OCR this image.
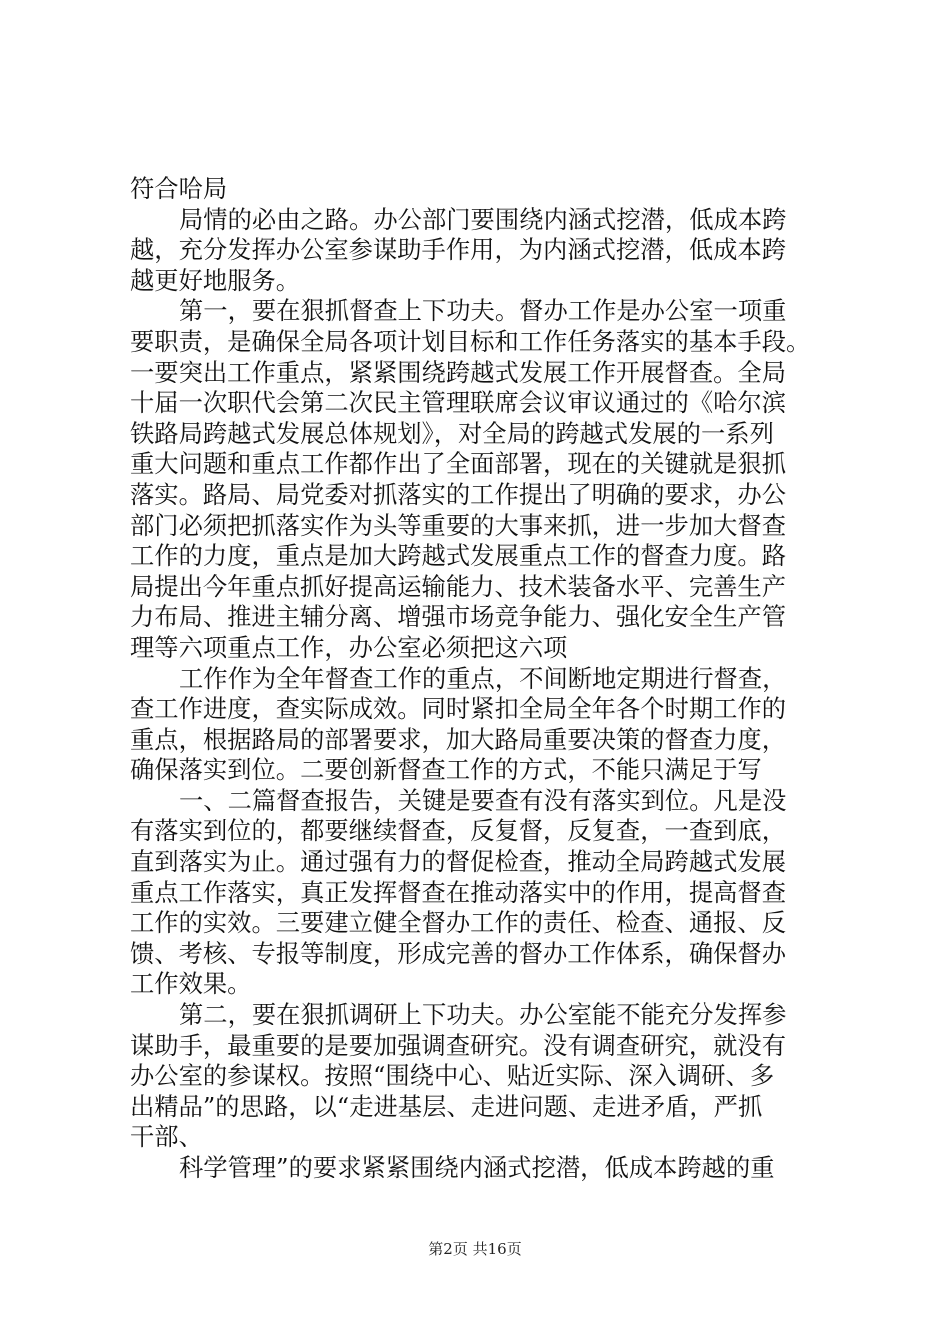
符合哈局
局情的必由之路。办公部门要围绕内涵式挖潜，低成本跨
越，充分发挥办公室参谋助手作用，为内涵式挖潜，低成本跨
越更好地服务。
第一，要在狠抓督查上下功夫。督办工作是办公室一项重
要职责，是确保全局各项计划目标和工作任务落实的基本手段。
一要突出工作重点，紧紧围绕跨越式发展工作开展督查。全局
十届一次职代会第二次民主管理联席会议审议通过的《哈尔滨
铁路局跨越式发展总体规划》，对全局的跨越式发展的一系列
重大问题和重点工作都作出了全面部署，现在的关键就是狠抓
落实。路局、局党委对抓落实的工作提出了明确的要求，办公
部门必须把抓落实作为头等重要的大事来抓，进一步加大督查
工作的力度，重点是加大跨越式发展重点工作的督查力度。路
局提出今年重点抓好提高运输能力、技术装备水平、完善生产
力布局、推进主辅分离、增强市场竞争能力、强化安全生产管
理等六项重点工作，办公室必须把这六项
工作作为全年督查工作的重点，不间断地定期进行督查，
查工作进度，查实际成效。同时紧扣全局全年各个时期工作的
重点，根据路局的部署要求，加大路局重要决策的督查力度，
确保落实到位。二要创新督查工作的方式，不能只满足于写
一、二篇督查报告，关键是要查有没有落实到位。凡是没
有落实到位的，都要继续督查，反复督，反复查，一查到底，
直到落实为止。通过强有力的督促检查，推动全局跨越式发展
重点工作落实，真正发挥督查在推动落实中的作用，提高督查
工作的实效。三要建立健全督办工作的责任、检查、通报、反
馈、考核、专报等制度，形成完善的督办工作体系，确保督办
工作效果。
第二，要在狠抓调研上下功夫。办公室能不能充分发挥参
谋助手，最重要的是要加强调查研究。没有调查研究，就没有
办公室的参谋权。按照“围绕中心、贴近实际、深入调研、多
出精品”的思路，以“走进基层、走进问题、走进矛盾，严抓
干部、
科学管理”的要求紧紧围绕内涵式挖潜，低成本跨越的重
第2页 共16页
